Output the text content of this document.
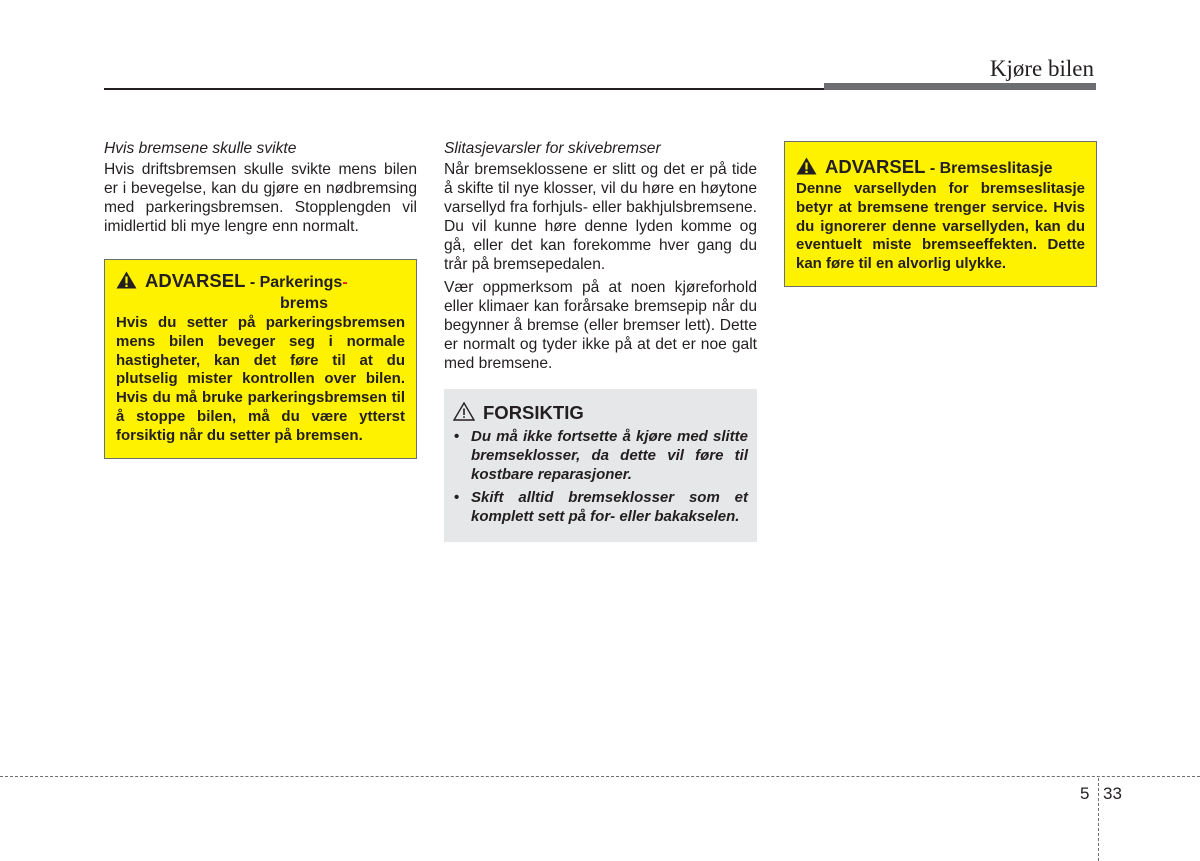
Kjøre bilen
Hvis bremsene skulle svikte

Hvis driftsbremsen skulle svikte mens bilen er i bevegelse, kan du gjøre en nødbremsing med parkeringsbremsen. Stopplengden vil imidlertid bli mye lengre enn normalt.

ADVARSEL - Parkerings-
brems
Hvis du setter på parkeringsbremsen mens bilen beveger seg i normale hastigheter, kan det føre til at du plutselig mister kontrollen over bilen. Hvis du må bruke parkeringsbremsen til å stoppe bilen, må du være ytterst forsiktig når du setter på bremsen.
Slitasjevarsler for skivebremser

Når bremseklossene er slitt og det er på tide å skifte til nye klosser, vil du høre en høytone varsellyd fra forhjuls- eller bakhjulsbremsene. Du vil kunne høre denne lyden komme og gå, eller det kan forekomme hver gang du trår på bremsepedalen.

Vær oppmerksom på at noen kjøreforhold eller klimaer kan forårsake bremsepip når du begynner å bremse (eller bremser lett). Dette er normalt og tyder ikke på at det er noe galt med bremsene.

FORSIKTIG
• Du må ikke fortsette å kjøre med slitte bremseklosser, da dette vil føre til kostbare reparasjoner.
• Skift alltid bremseklosser som et komplett sett på for- eller bakakselen.
ADVARSEL - Bremseslitasje
Denne varsellyden for bremseslitasje betyr at bremsene trenger service. Hvis du ignorerer denne varsellyden, kan du eventuelt miste bremseeffekten. Dette kan føre til en alvorlig ulykke.
5 33
